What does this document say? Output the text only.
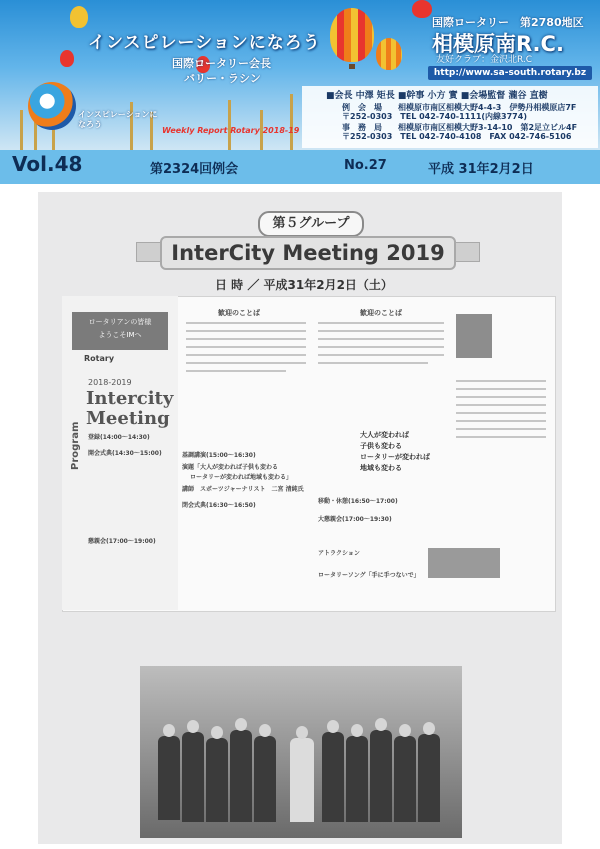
インスピレーションになろう
国際ロータリー会長
バリー・ラシン
インスピレーションに
なろう
Weekly Report Rotary 2018-19
国際ロータリー　第2780地区
相模原南R.C.
友好クラブ：金沢北R.C
http://www.sa-south.rotary.bz
■会長 中澤 矩長 ■幹事 小方 實 ■会場監督 瀧谷 直樹
例　会　場 相模原市南区相模大野4-4-3　伊勢丹相模原店7F
〒252-0303　TEL 042-740-1111(内線3774)
事　務　局 相模原市南区相模大野3-14-10　第2足立ビル4F
〒252-0303　TEL 042-740-4108　FAX 042-746-5106
Vol.48	第2324回例会	No.27	平成 31年2月2日
第５グループ
InterCity Meeting 2019
日 時 ／ 平成31年2月2日（土）
ロータリアンの皆様
ようこそIMへ
Rotary
2018-2019
Intercity
Meeting
Program
歓迎のことば	歓迎のことば
登録(14:00〜14:30)
開会式典(14:30〜15:00)
懇親会(17:00〜19:00)
基調講演(15:00〜16:30)
演題「大人が変われば子供も変わる
ロータリーが変われば地域も変わる」
講師　スポーツジャーナリスト　二宮 清純氏
閉会式典(16:30〜16:50)
移動・休憩(16:50〜17:00)
大懇親会(17:00〜19:30)
アトラクション
ロータリーソング「手に手つないで」
大人が変われば
子供も変わる
ロータリーが変われば
地域も変わる
